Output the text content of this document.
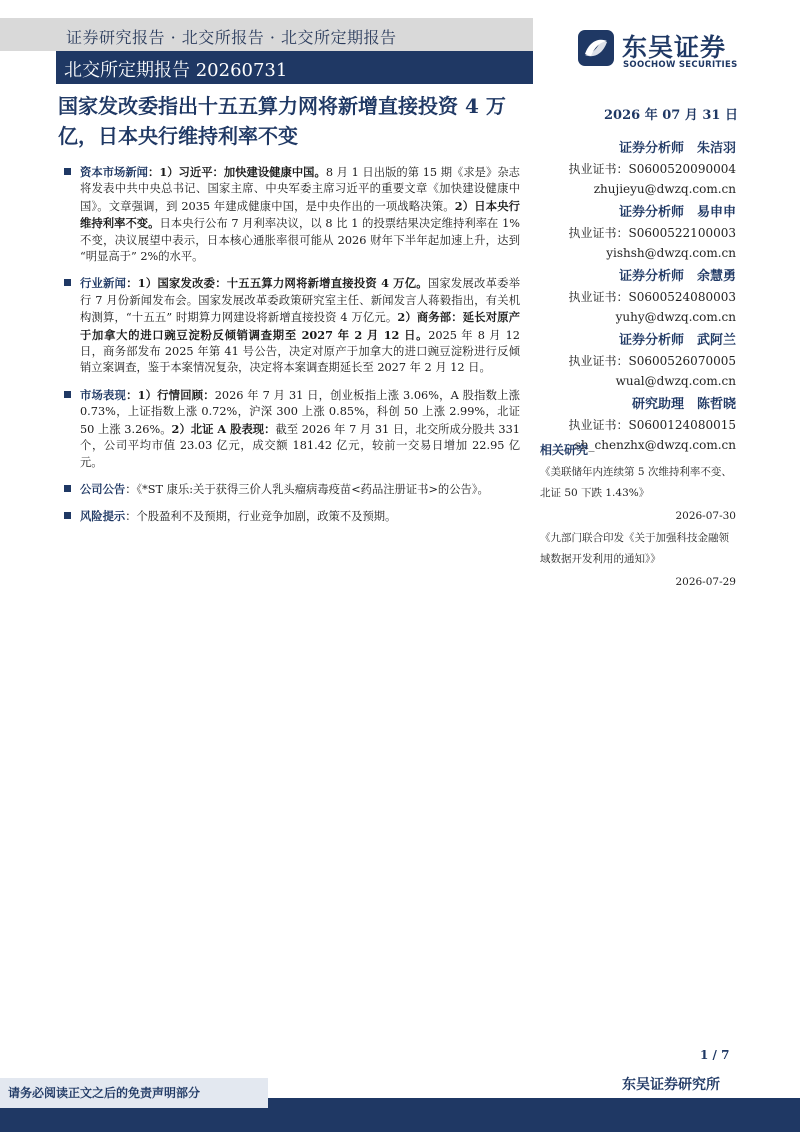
证券研究报告 · 北交所报告 · 北交所定期报告
北交所定期报告 20260731
东吴证券
SOOCHOW SECURITIES
国家发改委指出十五五算力网将新增直接投资 4 万亿，日本央行维持利率不变
2026 年 07 月 31 日
资本市场新闻：1）习近平：加快建设健康中国。8 月 1 日出版的第 15 期《求是》杂志将发表中共中央总书记、国家主席、中央军委主席习近平的重要文章《加快建设健康中国》。文章强调，到 2035 年建成健康中国，是中央作出的一项战略决策。2）日本央行维持利率不变。日本央行公布 7 月利率决议，以 8 比 1 的投票结果决定维持利率在 1%不变，决议展望中表示，日本核心通胀率很可能从 2026 财年下半年起加速上升，达到 “明显高于” 2%的水平。
行业新闻：1）国家发改委：十五五算力网将新增直接投资 4 万亿。国家发展改革委举行 7 月份新闻发布会。国家发展改革委政策研究室主任、新闻发言人蒋毅指出，有关机构测算，“十五五” 时期算力网建设将新增直接投资 4 万亿元。2）商务部：延长对原产于加拿大的进口豌豆淀粉反倾销调查期至 2027 年 2 月 12 日。2025 年 8 月 12 日，商务部发布 2025 年第 41 号公告，决定对原产于加拿大的进口豌豆淀粉进行反倾销立案调查，鉴于本案情况复杂，决定将本案调查期延长至 2027 年 2 月 12 日。
市场表现：1）行情回顾：2026 年 7 月 31 日，创业板指上涨 3.06%，A 股指数上涨 0.73%，上证指数上涨 0.72%，沪深 300 上涨 0.85%，科创 50 上涨 2.99%，北证 50 上涨 3.26%。2）北证 A 股表现：截至 2026 年 7 月 31 日，北交所成分股共 331 个，公司平均市值 23.03 亿元，成交额 181.42 亿元，较前一交易日增加 22.95 亿元。
公司公告：《*ST 康乐:关于获得三价人乳头瘤病毒疫苗<药品注册证书>的公告》。
风险提示：个股盈利不及预期，行业竞争加剧，政策不及预期。
证券分析师　朱洁羽
执业证书：S0600520090004
zhujieyu@dwzq.com.cn
证券分析师　易申申
执业证书：S0600522100003
yishsh@dwzq.com.cn
证券分析师　余慧勇
执业证书：S0600524080003
yuhy@dwzq.com.cn
证券分析师　武阿兰
执业证书：S0600526070005
wual@dwzq.com.cn
研究助理　陈哲晓
执业证书：S0600124080015
sh_chenzhx@dwzq.com.cn
相关研究
《美联储年内连续第 5 次维持利率不变、北证 50 下跌 1.43%》
2026-07-30
《九部门联合印发《关于加强科技金融领域数据开发利用的通知》》
2026-07-29
1 / 7
东吴证券研究所
请务必阅读正文之后的免责声明部分
